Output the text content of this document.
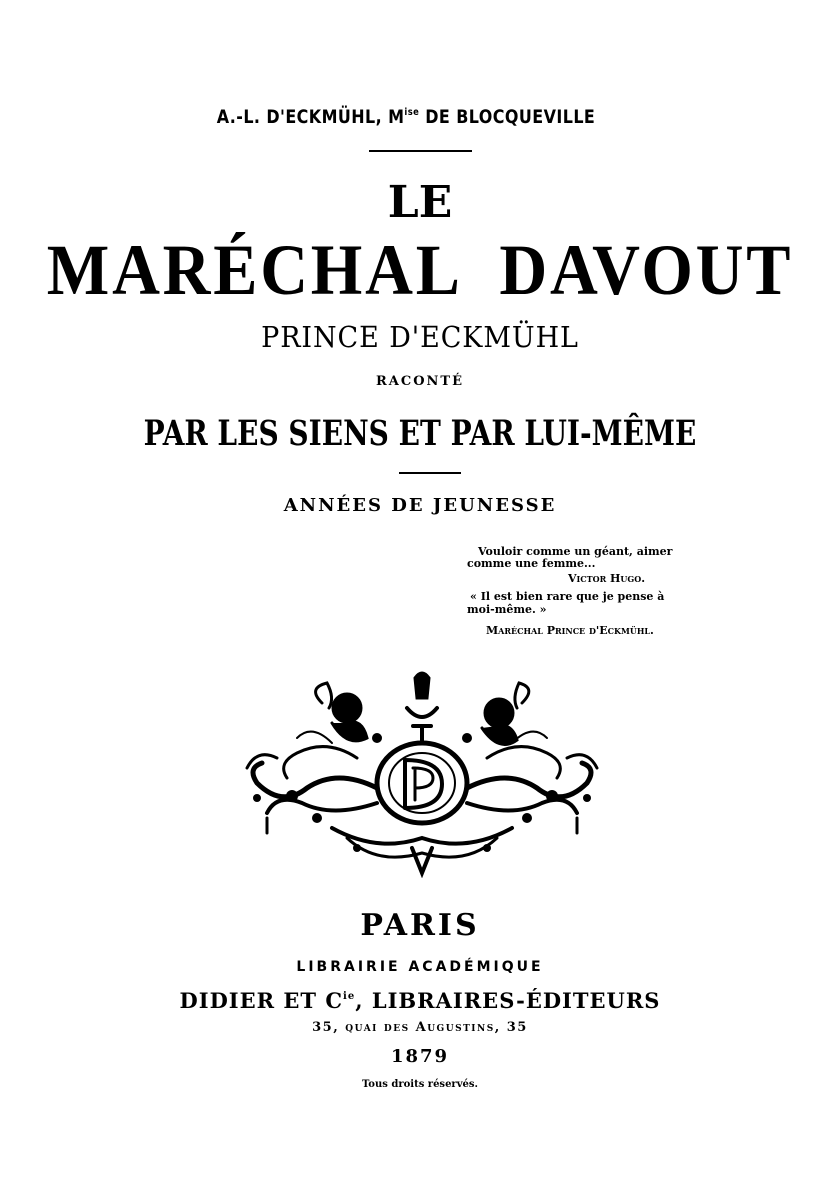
A.-L. D'ECKMÜHL, $M^{ise}$ DE BLOCQUEVILLE
LE
MARÉCHAL DAVOUT
PRINCE D'ECKMÜHL
RACONTÉ
PAR LES SIENS ET PAR LUI-MÊME
ANNÉES DE JEUNESSE
Vouloir comme un géant, aimer
comme une femme...
Victor Hugo.
« Il est bien rare que je pense à
moi-même. »
Maréchal Prince d'Eckmühl.
PARIS
LIBRAIRIE ACADÉMIQUE
DIDIER ET $C^{ie}$, LIBRAIRES-ÉDITEURS
35, quai des Augustins, 35
1879
Tous droits réservés.
